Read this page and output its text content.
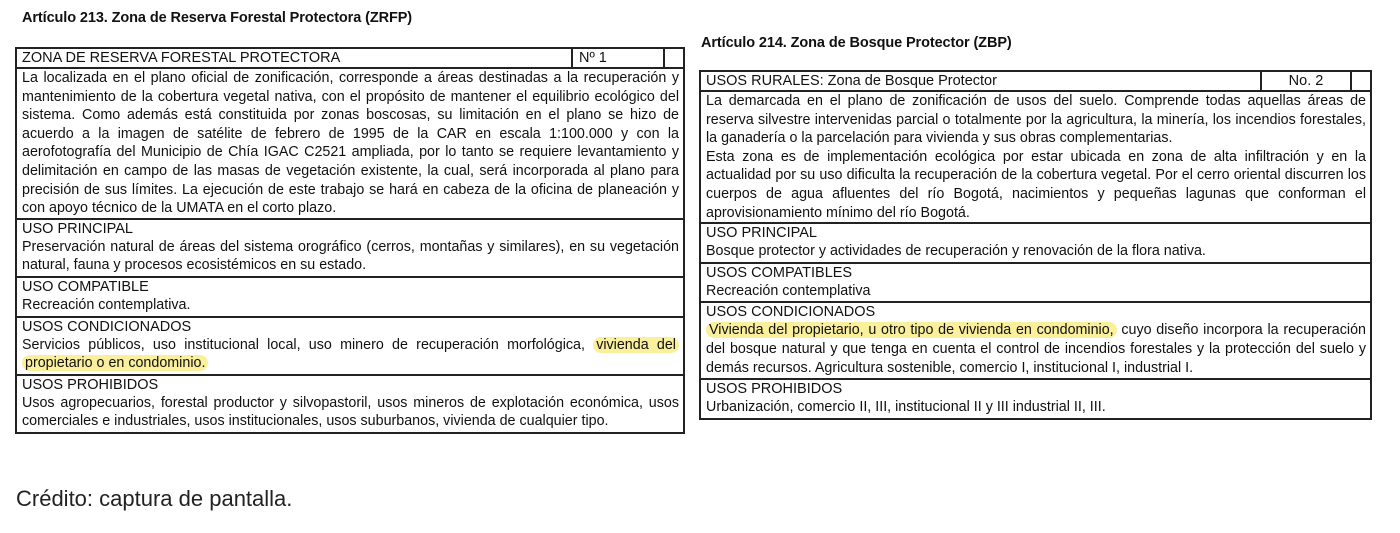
Artículo 213. Zona de Reserva Forestal Protectora (ZRFP)
ZONA DE RESERVA FORESTAL PROTECTORA	Nº 1
La localizada en el plano oficial de zonificación, corresponde a áreas destinadas a la recuperación y mantenimiento de la cobertura vegetal nativa, con el propósito de mantener el equilibrio ecológico del sistema. Como además está constituida por zonas boscosas, su limitación en el plano se hizo de acuerdo a la imagen de satélite de febrero de 1995 de la CAR en escala 1:100.000 y con la aerofotografía del Municipio de Chía IGAC C2521 ampliada, por lo tanto se requiere levantamiento y delimitación en campo de las masas de vegetación existente, la cual, será incorporada al plano para precisión de sus límites. La ejecución de este trabajo se hará en cabeza de la oficina de planeación y con apoyo técnico de la UMATA en el corto plazo.
USO PRINCIPAL
Preservación natural de áreas del sistema orográfico (cerros, montañas y similares), en su vegetación natural, fauna y procesos ecosistémicos en su estado.
USO COMPATIBLE
Recreación contemplativa.
USOS CONDICIONADOS
Servicios públicos, uso institucional local, uso minero de recuperación morfológica, vivienda del propietario o en condominio.
USOS PROHIBIDOS
Usos agropecuarios, forestal productor y silvopastoril, usos mineros de explotación económica, usos comerciales e industriales, usos institucionales, usos suburbanos, vivienda de cualquier tipo.
Artículo 214. Zona de Bosque Protector (ZBP)
USOS RURALES: Zona de Bosque Protector	No. 2

La demarcada en el plano de zonificación de usos del suelo. Comprende todas aquellas áreas de reserva silvestre intervenidas parcial o totalmente por la agricultura, la minería, los incendios forestales, la ganadería o la parcelación para vivienda y sus obras complementarias.

Esta zona es de implementación ecológica por estar ubicada en zona de alta infiltración y en la actualidad por su uso dificulta la recuperación de la cobertura vegetal. Por el cerro oriental discurren los cuerpos de agua afluentes del río Bogotá, nacimientos y pequeñas lagunas que conforman el aprovisionamiento mínimo del río Bogotá.

USO PRINCIPAL
Bosque protector y actividades de recuperación y renovación de la flora nativa.
USOS COMPATIBLES
Recreación contemplativa
USOS CONDICIONADOS
Vivienda del propietario, u otro tipo de vivienda en condominio, cuyo diseño incorpora la recuperación del bosque natural y que tenga en cuenta el control de incendios forestales y la protección del suelo y demás recursos. Agricultura sostenible, comercio I, institucional I, industrial I.
USOS PROHIBIDOS
Urbanización, comercio II, III, institucional II y III industrial II, III.
Crédito: captura de pantalla.
